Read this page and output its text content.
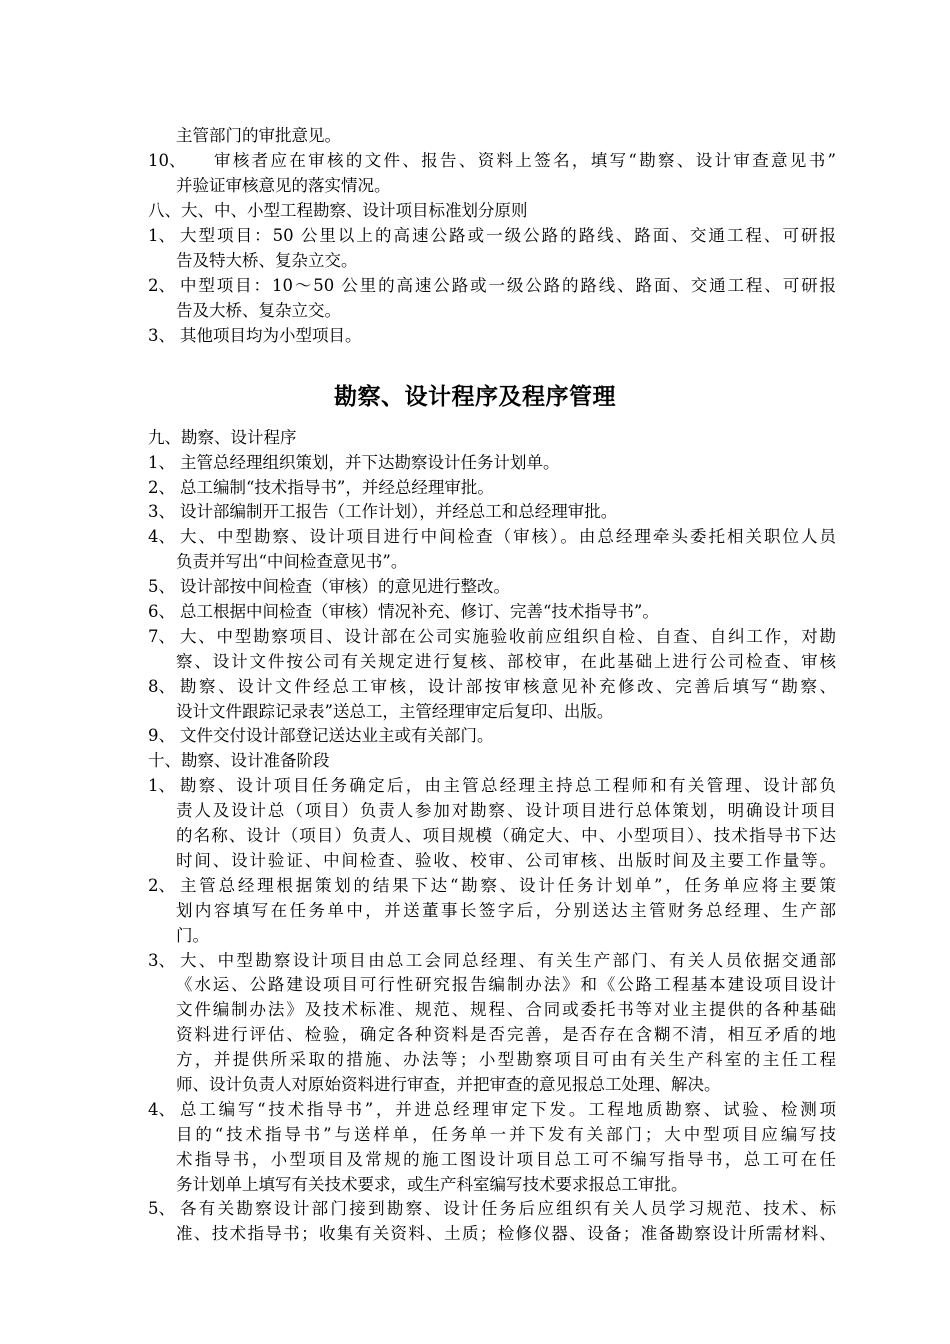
主管部门的审批意见。
10、 审核者应在审核的文件、报告、资料上签名，填写“勘察、设计审查意见书”
并验证审核意见的落实情况。
八、大、中、小型工程勘察、设计项目标准划分原则
1、 大型项目：50 公里以上的高速公路或一级公路的路线、路面、交通工程、可研报
告及特大桥、复杂立交。
2、 中型项目：10～50 公里的高速公路或一级公路的路线、路面、交通工程、可研报
告及大桥、复杂立交。
3、 其他项目均为小型项目。
勘察、设计程序及程序管理
九、勘察、设计程序
1、 主管总经理组织策划，并下达勘察设计任务计划单。
2、 总工编制“技术指导书”，并经总经理审批。
3、 设计部编制开工报告（工作计划），并经总工和总经理审批。
4、 大、中型勘察、设计项目进行中间检查（审核）。由总经理牵头委托相关职位人员
负责并写出“中间检查意见书”。
5、 设计部按中间检查（审核）的意见进行整改。
6、 总工根据中间检查（审核）情况补充、修订、完善“技术指导书”。
7、 大、中型勘察项目、设计部在公司实施验收前应组织自检、自查、自纠工作，对勘
察、设计文件按公司有关规定进行复核、部校审，在此基础上进行公司检查、审核
8、 勘察、设计文件经总工审核，设计部按审核意见补充修改、完善后填写“勘察、
设计文件跟踪记录表”送总工，主管经理审定后复印、出版。
9、 文件交付设计部登记送达业主或有关部门。
十、勘察、设计准备阶段
1、 勘察、设计项目任务确定后，由主管总经理主持总工程师和有关管理、设计部负
责人及设计总（项目）负责人参加对勘察、设计项目进行总体策划，明确设计项目
的名称、设计（项目）负责人、项目规模（确定大、中、小型项目）、技术指导书下达
时间、设计验证、中间检查、验收、校审、公司审核、出版时间及主要工作量等。
2、 主管总经理根据策划的结果下达“勘察、设计任务计划单”，任务单应将主要策
划内容填写在任务单中，并送董事长签字后，分别送达主管财务总经理、生产部
门。
3、 大、中型勘察设计项目由总工会同总经理、有关生产部门、有关人员依据交通部
《水运、公路建设项目可行性研究报告编制办法》和《公路工程基本建设项目设计
文件编制办法》及技术标准、规范、规程、合同或委托书等对业主提供的各种基础
资料进行评估、检验，确定各种资料是否完善，是否存在含糊不清，相互矛盾的地
方，并提供所采取的措施、办法等；小型勘察项目可由有关生产科室的主任工程
师、设计负责人对原始资料进行审查，并把审查的意见报总工处理、解决。
4、 总工编写“技术指导书”，并进总经理审定下发。工程地质勘察、试验、检测项
目的“技术指导书”与送样单，任务单一并下发有关部门；大中型项目应编写技
术指导书，小型项目及常规的施工图设计项目总工可不编写指导书，总工可在任
务计划单上填写有关技术要求，或生产科室编写技术要求报总工审批。
5、 各有关勘察设计部门接到勘察、设计任务后应组织有关人员学习规范、技术、标
准、技术指导书；收集有关资料、土质；检修仪器、设备；准备勘察设计所需材料、
